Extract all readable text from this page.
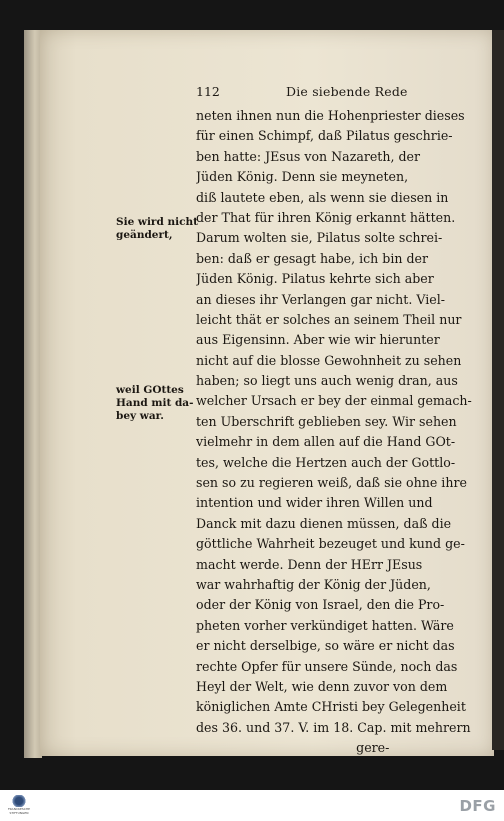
112	Die siebende Rede
Sie wird nicht geändert,
weil GOttes Hand mit da- bey war.
neten ihnen nun die Hohenpriester dieses
für einen Schimpf, daß Pilatus geschrie-
ben hatte: JEsus von Nazareth, der
Jüden König. Denn sie meyneten,
diß lautete eben, als wenn sie diesen in
der That für ihren König erkannt hätten.
Darum wolten sie, Pilatus solte schrei-
ben: daß er gesagt habe, ich bin der
Jüden König. Pilatus kehrte sich aber
an dieses ihr Verlangen gar nicht. Viel-
leicht thät er solches an seinem Theil nur
aus Eigensinn. Aber wie wir hierunter
nicht auf die blosse Gewohnheit zu sehen
haben; so liegt uns auch wenig dran, aus
welcher Ursach er bey der einmal gemach-
ten Uberschrift geblieben sey. Wir sehen
vielmehr in dem allen auf die Hand GOt-
tes, welche die Hertzen auch der Gottlo-
sen so zu regieren weiß, daß sie ohne ihre
intention und wider ihren Willen und
Danck mit dazu dienen müssen, daß die
göttliche Wahrheit bezeuget und kund ge-
macht werde. Denn der HErr JEsus
war wahrhaftig der König der Jüden,
oder der König von Israel, den die Pro-
pheten vorher verkündiget hatten. Wäre
er nicht derselbige, so wäre er nicht das
rechte Opfer für unsere Sünde, noch das
Heyl der Welt, wie denn zuvor von dem
königlichen Amte CHristi bey Gelegenheit
des 36. und 37. V. im 18. Cap. mit mehrern
gere-
FRANCKESCHE STIFTUNGEN	DFG
